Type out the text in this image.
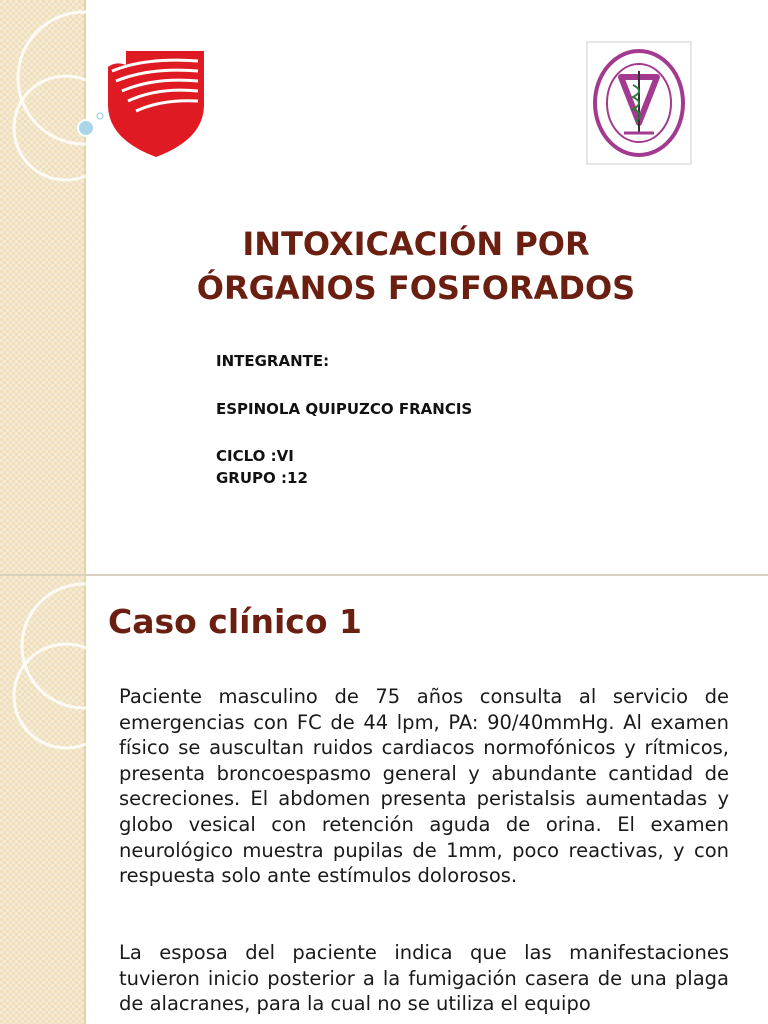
INTOXICACIÓN POR
ÓRGANOS FOSFORADOS
INTEGRANTE:
ESPINOLA QUIPUZCO FRANCIS
CICLO :VI
GRUPO :12
Caso clínico 1
Paciente masculino de 75 años consulta al servicio de emergencias con FC de 44 lpm, PA: 90/40mmHg. Al examen físico se auscultan ruidos cardiacos normofónicos y rítmicos, presenta broncoespasmo general y abundante cantidad de secreciones. El abdomen presenta peristalsis aumentadas y globo vesical con retención aguda de orina. El examen neurológico muestra pupilas de 1mm, poco reactivas, y con respuesta solo ante estímulos dolorosos.
La esposa del paciente indica que las manifestaciones tuvieron inicio posterior a la fumigación casera de una plaga de alacranes, para la cual no se utiliza el equipo
